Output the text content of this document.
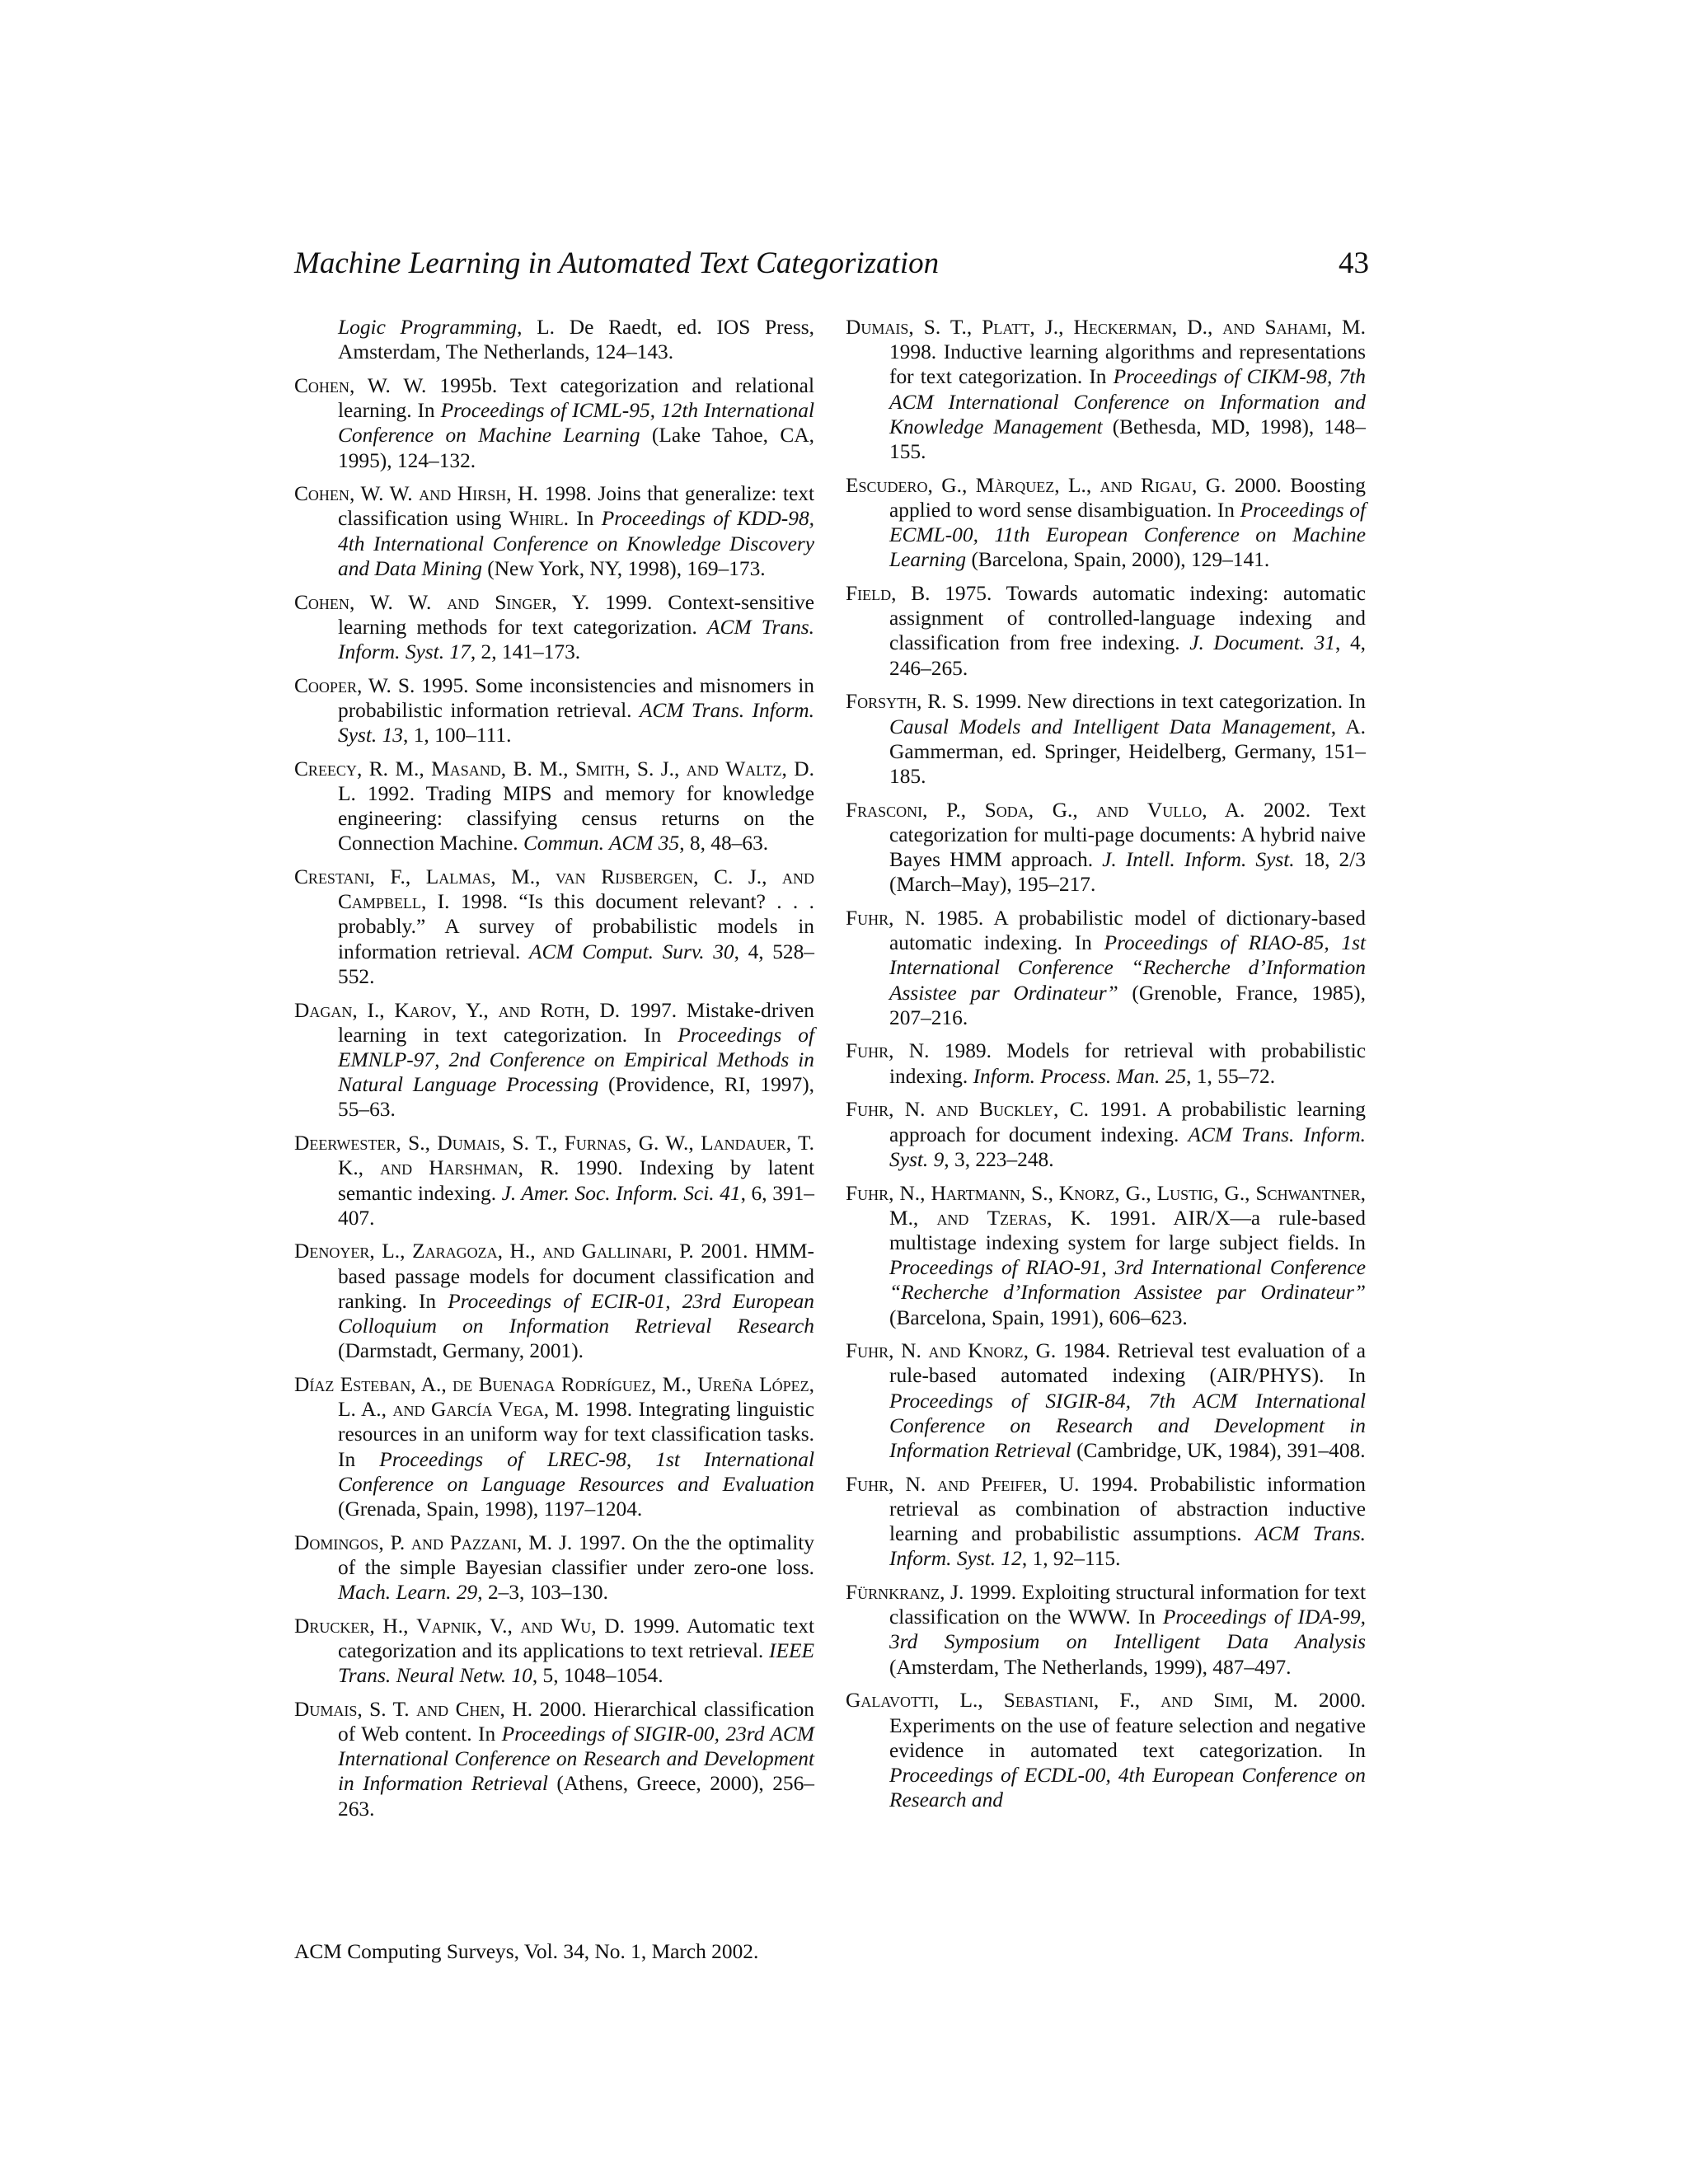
Machine Learning in Automated Text Categorization	43

Logic Programming, L. De Raedt, ed. IOS Press, Amsterdam, The Netherlands, 124–143.

Cohen, W. W. 1995b. Text categorization and relational learning. In Proceedings of ICML-95, 12th International Conference on Machine Learning (Lake Tahoe, CA, 1995), 124–132.

Cohen, W. W. and Hirsh, H. 1998. Joins that generalize: text classification using Whirl. In Proceedings of KDD-98, 4th International Conference on Knowledge Discovery and Data Mining (New York, NY, 1998), 169–173.

Cohen, W. W. and Singer, Y. 1999. Context-sensitive learning methods for text categorization. ACM Trans. Inform. Syst. 17, 2, 141–173.

Cooper, W. S. 1995. Some inconsistencies and misnomers in probabilistic information retrieval. ACM Trans. Inform. Syst. 13, 1, 100–111.

Creecy, R. M., Masand, B. M., Smith, S. J., and Waltz, D. L. 1992. Trading MIPS and memory for knowledge engineering: classifying census returns on the Connection Machine. Commun. ACM 35, 8, 48–63.

Crestani, F., Lalmas, M., van Rijsbergen, C. J., and Campbell, I. 1998. “Is this document relevant? . . . probably.” A survey of probabilistic models in information retrieval. ACM Comput. Surv. 30, 4, 528–552.

Dagan, I., Karov, Y., and Roth, D. 1997. Mistake-driven learning in text categorization. In Proceedings of EMNLP-97, 2nd Conference on Empirical Methods in Natural Language Processing (Providence, RI, 1997), 55–63.

Deerwester, S., Dumais, S. T., Furnas, G. W., Landauer, T. K., and Harshman, R. 1990. Indexing by latent semantic indexing. J. Amer. Soc. Inform. Sci. 41, 6, 391–407.

Denoyer, L., Zaragoza, H., and Gallinari, P. 2001. HMM-based passage models for document classification and ranking. In Proceedings of ECIR-01, 23rd European Colloquium on Information Retrieval Research (Darmstadt, Germany, 2001).

Díaz Esteban, A., de Buenaga Rodríguez, M., Ureña López, L. A., and García Vega, M. 1998. Integrating linguistic resources in an uniform way for text classification tasks. In Proceedings of LREC-98, 1st International Conference on Language Resources and Evaluation (Grenada, Spain, 1998), 1197–1204.

Domingos, P. and Pazzani, M. J. 1997. On the the optimality of the simple Bayesian classifier under zero-one loss. Mach. Learn. 29, 2–3, 103–130.

Drucker, H., Vapnik, V., and Wu, D. 1999. Automatic text categorization and its applications to text retrieval. IEEE Trans. Neural Netw. 10, 5, 1048–1054.

Dumais, S. T. and Chen, H. 2000. Hierarchical classification of Web content. In Proceedings of SIGIR-00, 23rd ACM International Conference on Research and Development in Information Retrieval (Athens, Greece, 2000), 256–263.

Dumais, S. T., Platt, J., Heckerman, D., and Sahami, M. 1998. Inductive learning algorithms and representations for text categorization. In Proceedings of CIKM-98, 7th ACM International Conference on Information and Knowledge Management (Bethesda, MD, 1998), 148–155.

Escudero, G., Màrquez, L., and Rigau, G. 2000. Boosting applied to word sense disambiguation. In Proceedings of ECML-00, 11th European Conference on Machine Learning (Barcelona, Spain, 2000), 129–141.

Field, B. 1975. Towards automatic indexing: automatic assignment of controlled-language indexing and classification from free indexing. J. Document. 31, 4, 246–265.

Forsyth, R. S. 1999. New directions in text categorization. In Causal Models and Intelligent Data Management, A. Gammerman, ed. Springer, Heidelberg, Germany, 151–185.

Frasconi, P., Soda, G., and Vullo, A. 2002. Text categorization for multi-page documents: A hybrid naive Bayes HMM approach. J. Intell. Inform. Syst. 18, 2/3 (March–May), 195–217.

Fuhr, N. 1985. A probabilistic model of dictionary-based automatic indexing. In Proceedings of RIAO-85, 1st International Conference “Recherche d’Information Assistee par Ordinateur” (Grenoble, France, 1985), 207–216.

Fuhr, N. 1989. Models for retrieval with probabilistic indexing. Inform. Process. Man. 25, 1, 55–72.

Fuhr, N. and Buckley, C. 1991. A probabilistic learning approach for document indexing. ACM Trans. Inform. Syst. 9, 3, 223–248.

Fuhr, N., Hartmann, S., Knorz, G., Lustig, G., Schwantner, M., and Tzeras, K. 1991. AIR/X—a rule-based multistage indexing system for large subject fields. In Proceedings of RIAO-91, 3rd International Conference “Recherche d’Information Assistee par Ordinateur” (Barcelona, Spain, 1991), 606–623.

Fuhr, N. and Knorz, G. 1984. Retrieval test evaluation of a rule-based automated indexing (AIR/PHYS). In Proceedings of SIGIR-84, 7th ACM International Conference on Research and Development in Information Retrieval (Cambridge, UK, 1984), 391–408.

Fuhr, N. and Pfeifer, U. 1994. Probabilistic information retrieval as combination of abstraction inductive learning and probabilistic assumptions. ACM Trans. Inform. Syst. 12, 1, 92–115.

Fürnkranz, J. 1999. Exploiting structural information for text classification on the WWW. In Proceedings of IDA-99, 3rd Symposium on Intelligent Data Analysis (Amsterdam, The Netherlands, 1999), 487–497.

Galavotti, L., Sebastiani, F., and Simi, M. 2000. Experiments on the use of feature selection and negative evidence in automated text categorization. In Proceedings of ECDL-00, 4th European Conference on Research and

ACM Computing Surveys, Vol. 34, No. 1, March 2002.
